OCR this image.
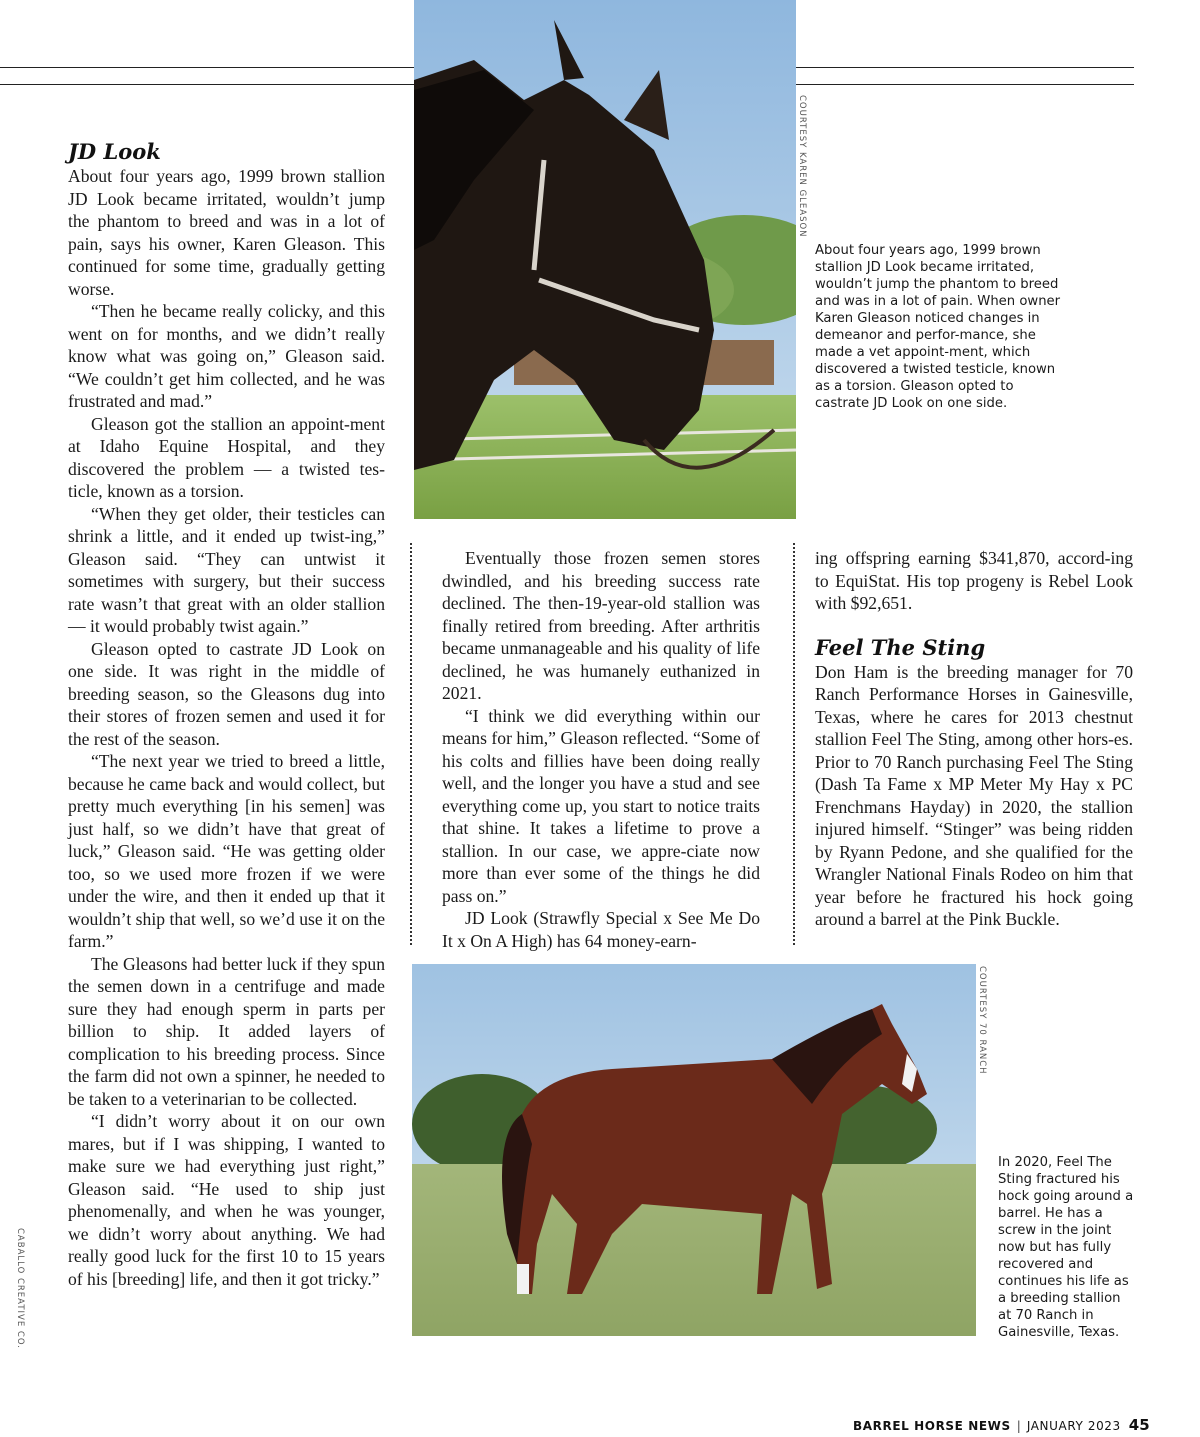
COURTESY KAREN GLEASON
About four years ago, 1999 brown stallion JD Look became irritated, wouldn’t jump the phantom to breed and was in a lot of pain. When owner Karen Gleason noticed changes in demeanor and perfor-mance, she made a vet appoint-ment, which discovered a twisted testicle, known as a torsion. Gleason opted to castrate JD Look on one side.
JD Look

About four years ago, 1999 brown stallion JD Look became irritated, wouldn’t jump the phantom to breed and was in a lot of pain, says his owner, Karen Gleason. This continued for some time, gradually getting worse.

“Then he became really colicky, and this went on for months, and we didn’t really know what was going on,” Gleason said. “We couldn’t get him collected, and he was frustrated and mad.”

Gleason got the stallion an appoint-ment at Idaho Equine Hospital, and they discovered the problem — a twisted tes-ticle, known as a torsion.

“When they get older, their testicles can shrink a little, and it ended up twist-ing,” Gleason said. “They can untwist it sometimes with surgery, but their success rate wasn’t that great with an older stallion — it would probably twist again.”

Gleason opted to castrate JD Look on one side. It was right in the middle of breeding season, so the Gleasons dug into their stores of frozen semen and used it for the rest of the season.

“The next year we tried to breed a little, because he came back and would collect, but pretty much everything [in his semen] was just half, so we didn’t have that great of luck,” Gleason said. “He was getting older too, so we used more frozen if we were under the wire, and then it ended up that it wouldn’t ship that well, so we’d use it on the farm.”

The Gleasons had better luck if they spun the semen down in a centrifuge and made sure they had enough sperm in parts per billion to ship. It added layers of complication to his breeding process. Since the farm did not own a spinner, he needed to be taken to a veterinarian to be collected.

“I didn’t worry about it on our own mares, but if I was shipping, I wanted to make sure we had everything just right,” Gleason said. “He used to ship just phenomenally, and when he was younger, we didn’t worry about anything. We had really good luck for the first 10 to 15 years of his [breeding] life, and then it got tricky.”

CABALLO CREATIVE CO.

Eventually those frozen semen stores dwindled, and his breeding success rate declined. The then-19-year-old stallion was finally retired from breeding. After arthritis became unmanageable and his quality of life declined, he was humanely euthanized in 2021.

“I think we did everything within our means for him,” Gleason reflected. “Some of his colts and fillies have been doing really well, and the longer you have a stud and see everything come up, you start to notice traits that shine. It takes a lifetime to prove a stallion. In our case, we appre-ciate now more than ever some of the things he did pass on.”

JD Look (Strawfly Special x See Me Do It x On A High) has 64 money-earn-

ing offspring earning $341,870, accord-ing to EquiStat. His top progeny is Rebel Look with $92,651.

Feel The Sting

Don Ham is the breeding manager for 70 Ranch Performance Horses in Gainesville, Texas, where he cares for 2013 chestnut stallion Feel The Sting, among other hors-es. Prior to 70 Ranch purchasing Feel The Sting (Dash Ta Fame x MP Meter My Hay x PC Frenchmans Hayday) in 2020, the stallion injured himself. “Stinger” was being ridden by Ryann Pedone, and she qualified for the Wrangler National Finals Rodeo on him that year before he fractured his hock going around a barrel at the Pink Buckle.

COURTESY 70 RANCH
In 2020, Feel The Sting fractured his hock going around a barrel. He has a screw in the joint now but has fully recovered and continues his life as a breeding stallion at 70 Ranch in Gainesville, Texas.
BARREL HORSE NEWS | JANUARY 2023 45
